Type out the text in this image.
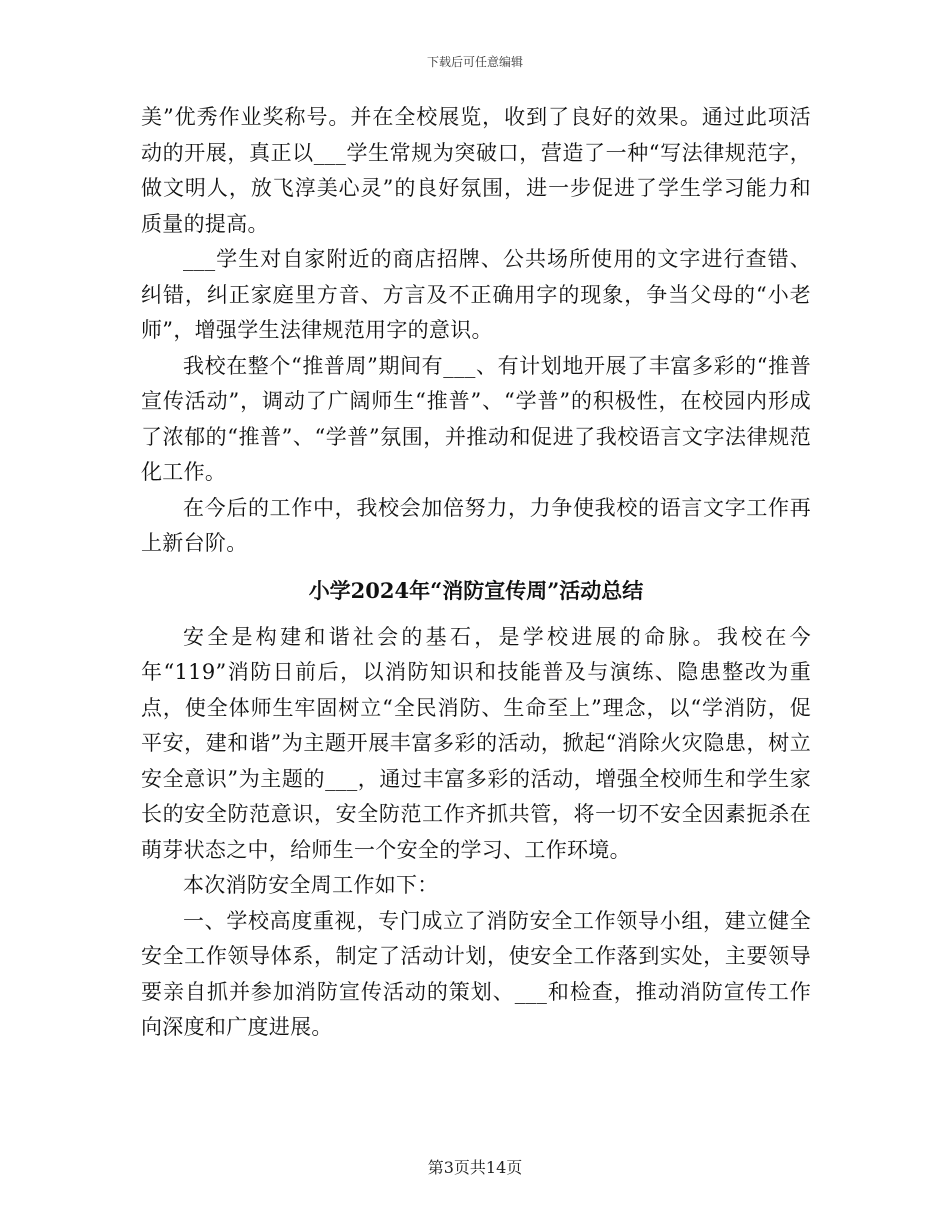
下载后可任意编辑

美”优秀作业奖称号。并在全校展览，收到了良好的效果。通过此项活动的开展，真正以___学生常规为突破口，营造了一种“写法律规范字，做文明人，放飞淳美心灵”的良好氛围，进一步促进了学生学习能力和质量的提高。

___学生对自家附近的商店招牌、公共场所使用的文字进行查错、纠错，纠正家庭里方音、方言及不正确用字的现象，争当父母的“小老师”，增强学生法律规范用字的意识。

我校在整个“推普周”期间有___、有计划地开展了丰富多彩的“推普宣传活动”，调动了广阔师生“推普”、“学普”的积极性，在校园内形成了浓郁的“推普”、“学普”氛围，并推动和促进了我校语言文字法律规范化工作。

在今后的工作中，我校会加倍努力，力争使我校的语言文字工作再上新台阶。

小学2024年“消防宣传周”活动总结

安全是构建和谐社会的基石，是学校进展的命脉。我校在今年“119”消防日前后，以消防知识和技能普及与演练、隐患整改为重点，使全体师生牢固树立“全民消防、生命至上”理念，以“学消防，促平安，建和谐”为主题开展丰富多彩的活动，掀起“消除火灾隐患，树立安全意识”为主题的___，通过丰富多彩的活动，增强全校师生和学生家长的安全防范意识，安全防范工作齐抓共管，将一切不安全因素扼杀在萌芽状态之中，给师生一个安全的学习、工作环境。

本次消防安全周工作如下：

一、学校高度重视，专门成立了消防安全工作领导小组，建立健全安全工作领导体系，制定了活动计划，使安全工作落到实处，主要领导要亲自抓并参加消防宣传活动的策划、___和检查，推动消防宣传工作向深度和广度进展。

第3页共14页
